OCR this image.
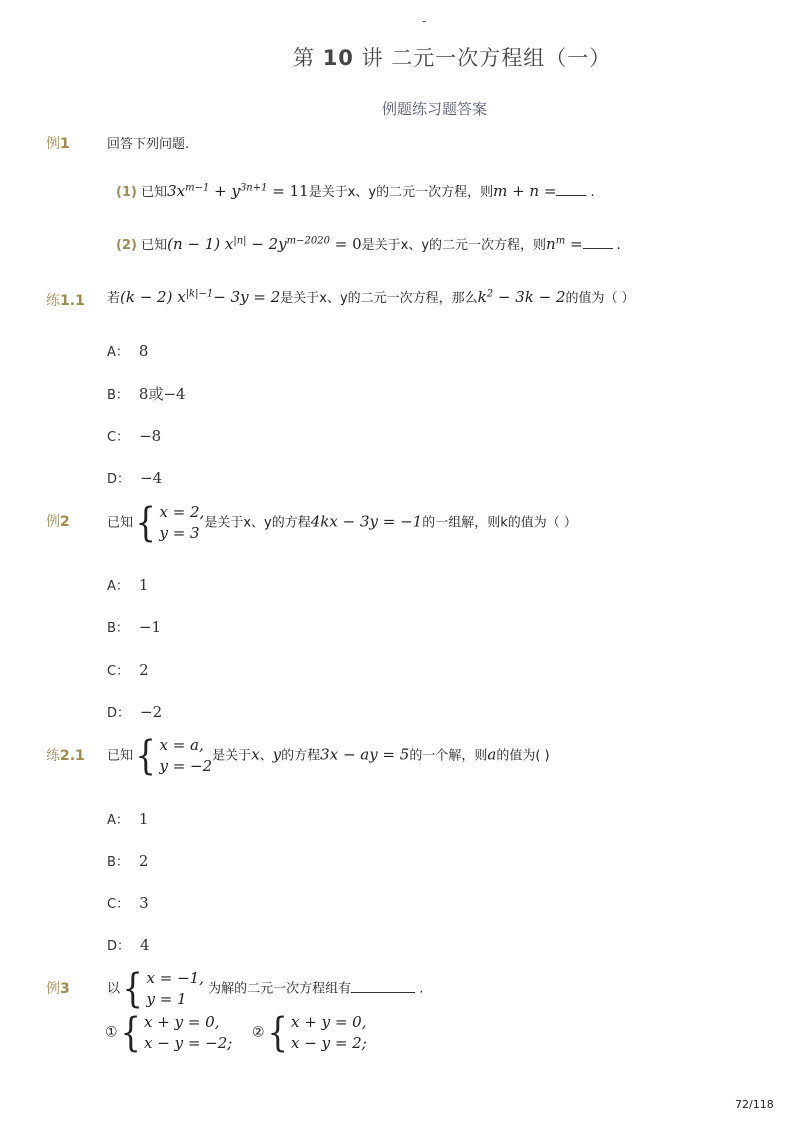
-
第 10 讲 二元一次方程组（一）
例题练习题答案
例1	回答下列问题.
(1) 已知$3x^{m-1} + y^{3n+1} = 11$是关于x、y的二元一次方程，则m + n =	.
(2) 已知(n − 1) $x^{|n|} - 2y^{m-2020} = 0$是关于x、y的二元一次方程，则$n^m$ =	.
练1.1 若(k − 2) $x^{|k|-1}- 3y = 2$是关于x、y的二元一次方程，那么$k^2 - 3k - 2$的值为（ ）
A： 8
B： 8或−4
C： −8
D： −4
例2	已知 { x = 2,
y = 3
是关于x、y的方程4kx − 3y = −1的一组解，则k的值为（ ）
A： 1
B： −1
C： 2
D： −2
练2.1 已知 { x = a,
y = −2
是关于x、y的方程3x − ay = 5的一个解，则a的值为( )
A： 1
B： 2
C： 3
D： 4
例3	以 { x = −1,
y = 1
为解的二元一次方程组有	.
① { x + y = 0,
x − y = −2;
② { x + y = 0,
x − y = 2;
72/118
